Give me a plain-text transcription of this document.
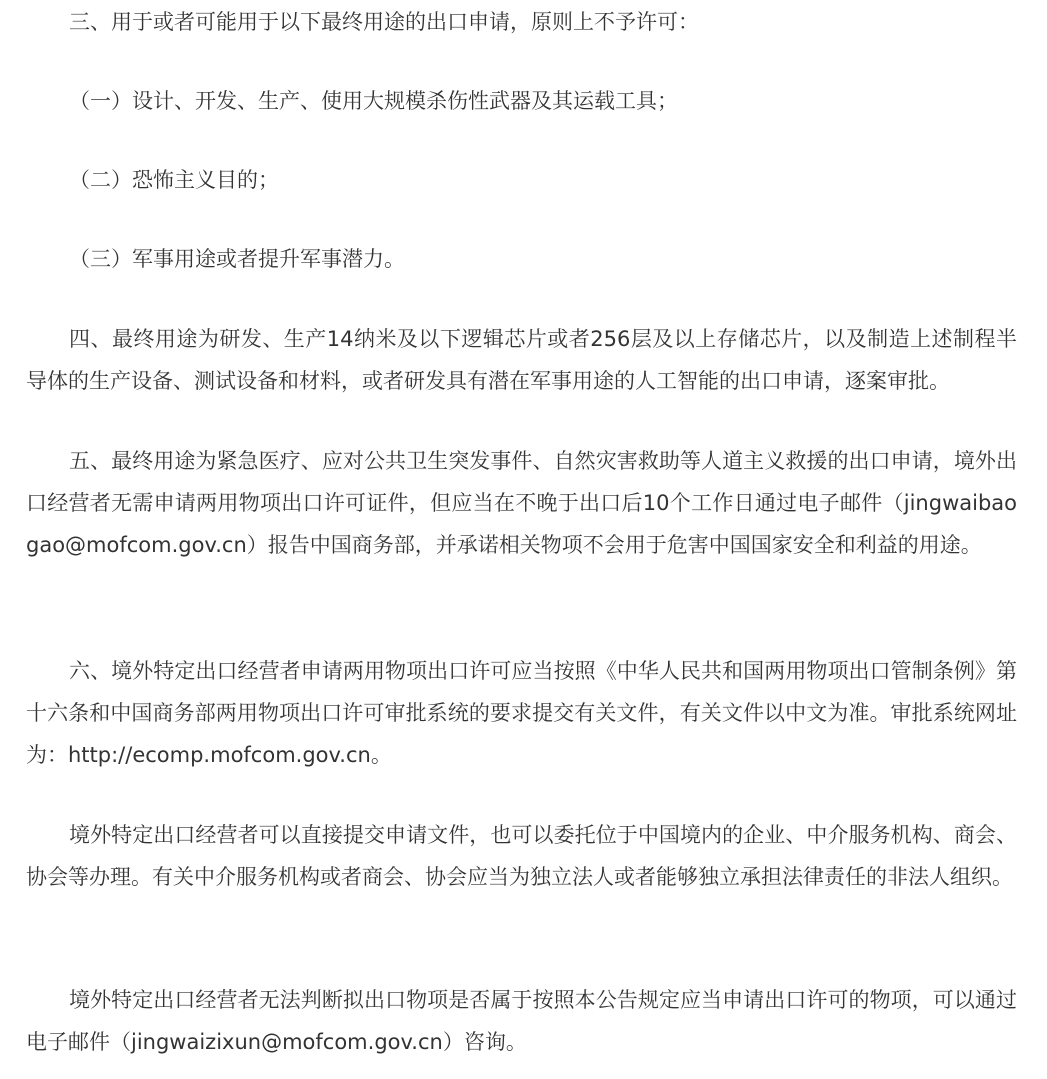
三、用于或者可能用于以下最终用途的出口申请，原则上不予许可：

（一）设计、开发、生产、使用大规模杀伤性武器及其运载工具；

（二）恐怖主义目的；

（三）军事用途或者提升军事潜力。

四、最终用途为研发、生产14纳米及以下逻辑芯片或者256层及以上存储芯片，以及制造上述制程半导体的生产设备、测试设备和材料，或者研发具有潜在军事用途的人工智能的出口申请，逐案审批。

五、最终用途为紧急医疗、应对公共卫生突发事件、自然灾害救助等人道主义救援的出口申请，境外出口经营者无需申请两用物项出口许可证件，但应当在不晚于出口后10个工作日通过电子邮件（jingwaibaogao@mofcom.gov.cn）报告中国商务部，并承诺相关物项不会用于危害中国国家安全和利益的用途。

六、境外特定出口经营者申请两用物项出口许可应当按照《中华人民共和国两用物项出口管制条例》第十六条和中国商务部两用物项出口许可审批系统的要求提交有关文件，有关文件以中文为准。审批系统网址为：http://ecomp.mofcom.gov.cn。

境外特定出口经营者可以直接提交申请文件，也可以委托位于中国境内的企业、中介服务机构、商会、协会等办理。有关中介服务机构或者商会、协会应当为独立法人或者能够独立承担法律责任的非法人组织。

境外特定出口经营者无法判断拟出口物项是否属于按照本公告规定应当申请出口许可的物项，可以通过电子邮件（jingwaizixun@mofcom.gov.cn）咨询。
